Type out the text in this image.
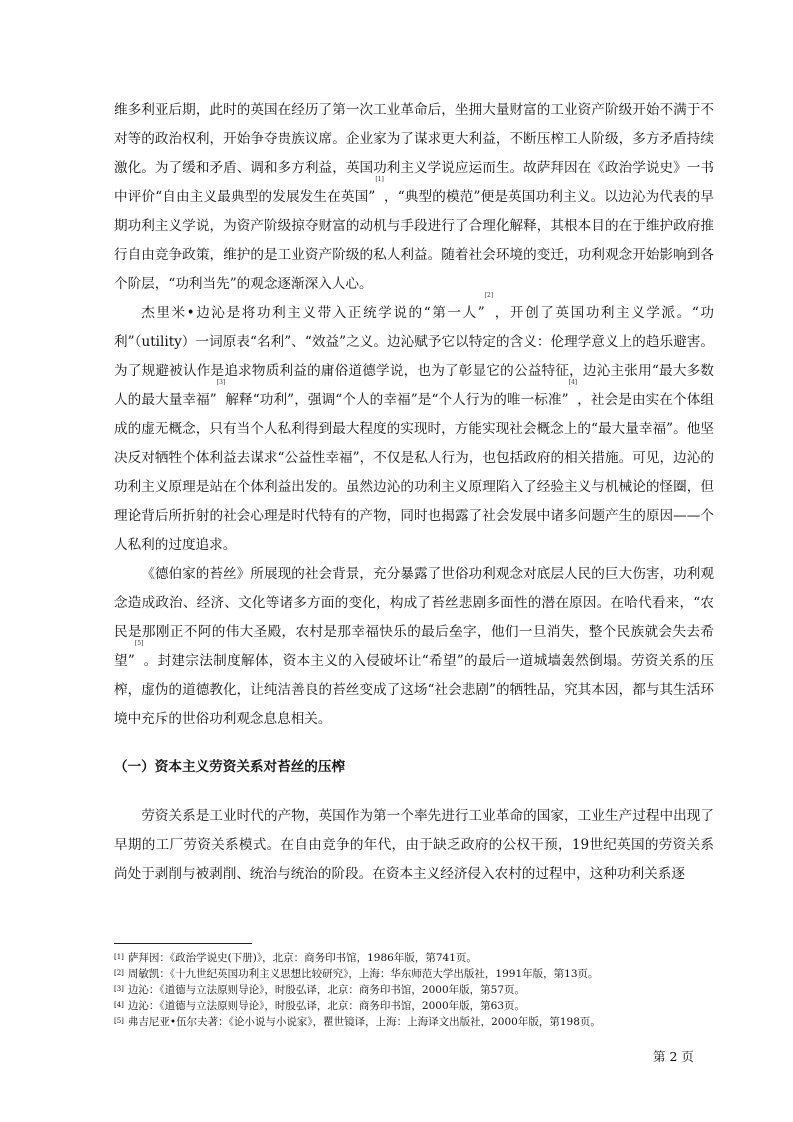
维多利亚后期，此时的英国在经历了第一次工业革命后，坐拥大量财富的工业资产阶级开始不满于不对等的政治权利，开始争夺贵族议席。企业家为了谋求更大利益，不断压榨工人阶级，多方矛盾持续激化。为了缓和矛盾、调和多方利益，英国功利主义学说应运而生。故萨拜因在《政治学说史》一书中评价“自由主义最典型的发展发生在英国”[1]，“典型的模范”便是英国功利主义。以边沁为代表的早期功利主义学说，为资产阶级掠夺财富的动机与手段进行了合理化解释，其根本目的在于维护政府推行自由竞争政策，维护的是工业资产阶级的私人利益。随着社会环境的变迁，功利观念开始影响到各个阶层，“功利当先”的观念逐渐深入人心。

杰里米•边沁是将功利主义带入正统学说的“第一人”[2]，开创了英国功利主义学派。“功利”（utility）一词原表“名利”、“效益”之义。边沁赋予它以特定的含义：伦理学意义上的趋乐避害。为了规避被认作是追求物质利益的庸俗道德学说，也为了彰显它的公益特征，边沁主张用“最大多数人的最大量幸福”[3]解释“功利”，强调“个人的幸福”是“个人行为的唯一标准”[4]，社会是由实在个体组成的虚无概念，只有当个人私利得到最大程度的实现时，方能实现社会概念上的“最大量幸福”。他坚决反对牺牲个体利益去谋求“公益性幸福”，不仅是私人行为，也包括政府的相关措施。可见，边沁的功利主义原理是站在个体利益出发的。虽然边沁的功利主义原理陷入了经验主义与机械论的怪圈，但理论背后所折射的社会心理是时代特有的产物，同时也揭露了社会发展中诸多问题产生的原因——个人私利的过度追求。

《德伯家的苔丝》所展现的社会背景，充分暴露了世俗功利观念对底层人民的巨大伤害，功利观念造成政治、经济、文化等诸多方面的变化，构成了苔丝悲剧多面性的潜在原因。在哈代看来，“农民是那刚正不阿的伟大圣殿，农村是那幸福快乐的最后垒字，他们一旦消失，整个民族就会失去希望”[5]。封建宗法制度解体，资本主义的入侵破坏让“希望”的最后一道城墙轰然倒塌。劳资关系的压榨，虚伪的道德教化，让纯洁善良的苔丝变成了这场“社会悲剧”的牺牲品，究其本因，都与其生活环境中充斥的世俗功利观念息息相关。

（一）资本主义劳资关系对苔丝的压榨

劳资关系是工业时代的产物，英国作为第一个率先进行工业革命的国家，工业生产过程中出现了早期的工厂劳资关系模式。在自由竞争的年代，由于缺乏政府的公权干预，19世纪英国的劳资关系尚处于剥削与被剥削、统治与统治的阶段。在资本主义经济侵入农村的过程中，这种功利关系逐

[1] 萨拜因：《政治学说史(下册)》，北京：商务印书馆，1986年版，第741页。

[2] 周敏凯：《十九世纪英国功利主义思想比较研究》，上海：华东师范大学出版社，1991年版，第13页。

[3] 边沁：《道德与立法原则导论》，时殷弘译，北京：商务印书馆，2000年版，第57页。

[4] 边沁：《道德与立法原则导论》，时殷弘译，北京：商务印书馆，2000年版，第63页。

[5] 弗吉尼亚•伍尔夫著：《论小说与小说家》，瞿世镜译，上海：上海译文出版社，2000年版，第198页。

第 2 页
